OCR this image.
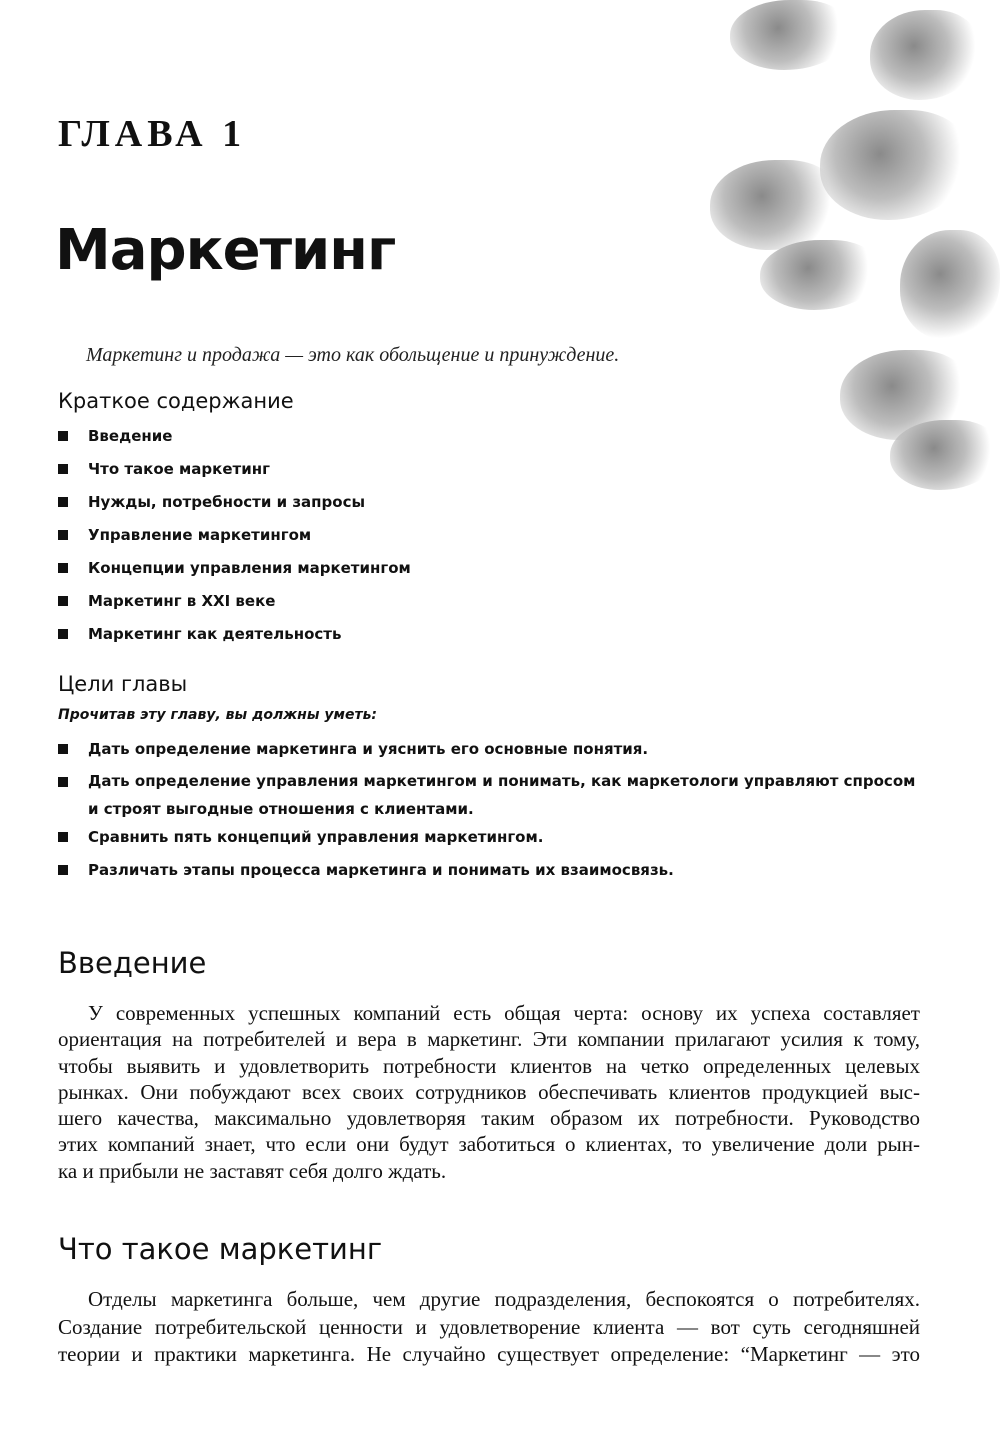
ГЛАВА 1
Маркетинг
Маркетинг и продажа — это как обольщение и принуждение.
Краткое содержание
Введение
Что такое маркетинг
Нужды, потребности и запросы
Управление маркетингом
Концепции управления маркетингом
Маркетинг в XXI веке
Маркетинг как деятельность
Цели главы
Прочитав эту главу, вы должны уметь:
Дать определение маркетинга и уяснить его основные понятия.
Дать определение управления маркетингом и понимать, как маркетологи управляют спросом
и строят выгодные отношения с клиентами.
Сравнить пять концепций управления маркетингом.
Различать этапы процесса маркетинга и понимать их взаимосвязь.
Введение
У современных успешных компаний есть общая черта: основу их успеха составляет
ориентация на потребителей и вера в маркетинг. Эти компании прилагают усилия к тому,
чтобы выявить и удовлетворить потребности клиентов на четко определенных целевых
рынках. Они побуждают всех своих сотрудников обеспечивать клиентов продукцией выс-
шего качества, максимально удовлетворяя таким образом их потребности. Руководство
этих компаний знает, что если они будут заботиться о клиентах, то увеличение доли рын-
ка и прибыли не заставят себя долго ждать.
Что такое маркетинг
Отделы маркетинга больше, чем другие подразделения, беспокоятся о потребителях.
Создание потребительской ценности и удовлетворение клиента — вот суть сегодняшней
теории и практики маркетинга. Не случайно существует определение: “Маркетинг — это
